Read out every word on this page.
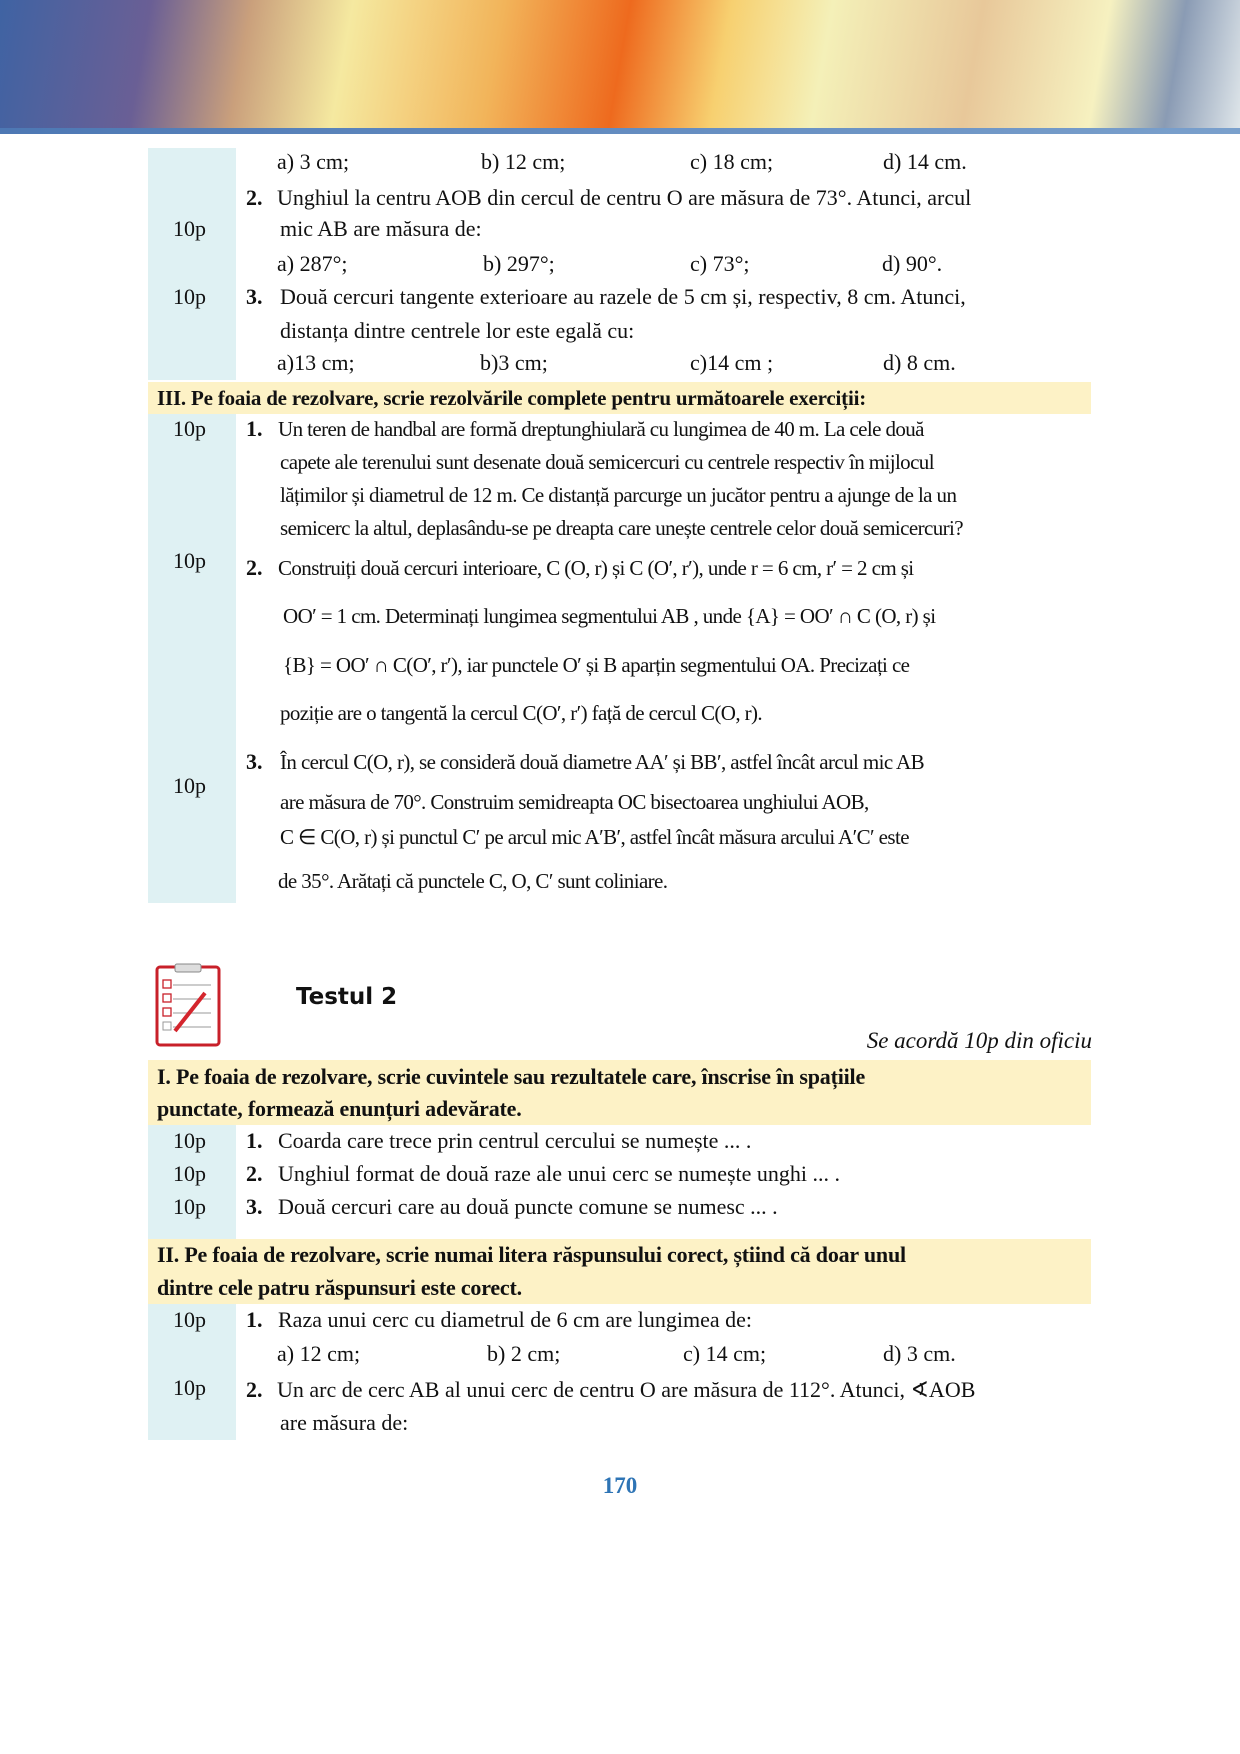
a) 3 cm;	b) 12 cm;	c) 18 cm;	d) 14 cm.
2. Unghiul la centru AOB din cercul de centru O are măsura de 73°. Atunci, arcul
10p	mic AB are măsura de:
a) 287°;	b) 297°;	c) 73°;	d) 90°.
10p 3. Două cercuri tangente exterioare au razele de 5 cm și, respectiv, 8 cm. Atunci,
distanța dintre centrele lor este egală cu:
a)13 cm;	b)3 cm;	c)14 cm ;	d) 8 cm.
III. Pe foaia de rezolvare, scrie rezolvările complete pentru următoarele exerciții:
10p 1. Un teren de handbal are formă dreptunghiulară cu lungimea de 40 m. La cele două
capete ale terenului sunt desenate două semicercuri cu centrele respectiv în mijlocul
lățimilor și diametrul de 12 m. Ce distanță parcurge un jucător pentru a ajunge de la un
semicerc la altul, deplasându-se pe dreapta care unește centrele celor două semicercuri?
10p 2. Construiți două cercuri interioare, C (O, r) și C (O′, r′), unde r = 6 cm, r′ = 2 cm și
OO′ = 1 cm. Determinați lungimea segmentului AB , unde {A} = OO′ ∩ C (O, r) și
{B} = OO′ ∩ C(O′, r′), iar punctele O′ și B aparțin segmentului OA. Precizați ce
poziție are o tangentă la cercul C(O′, r′) față de cercul C(O, r).
3. În cercul C(O, r), se consideră două diametre AA′ și BB′, astfel încât arcul mic AB
10p
are măsura de 70°. Construim semidreapta OC bisectoarea unghiului AOB,
C ∈ C(O, r) și punctul C′ pe arcul mic A′B′, astfel încât măsura arcului A′C′ este
de 35°. Arătați că punctele C, O, C′ sunt coliniare.
Testul 2
Se acordă 10p din oficiu
I. Pe foaia de rezolvare, scrie cuvintele sau rezultatele care, înscrise în spațiile
punctate, formează enunțuri adevărate.
10p 1. Coarda care trece prin centrul cercului se numește ... .
10p 2. Unghiul format de două raze ale unui cerc se numește unghi ... .
10p 3. Două cercuri care au două puncte comune se numesc ... .
II. Pe foaia de rezolvare, scrie numai litera răspunsului corect, știind că doar unul
dintre cele patru răspunsuri este corect.
10p 1. Raza unui cerc cu diametrul de 6 cm are lungimea de:
a) 12 cm;	b) 2 cm;	c) 14 cm;	d) 3 cm.
10p 2. Un arc de cerc AB al unui cerc de centru O are măsura de 112°. Atunci, ∢AOB
are măsura de:
170
